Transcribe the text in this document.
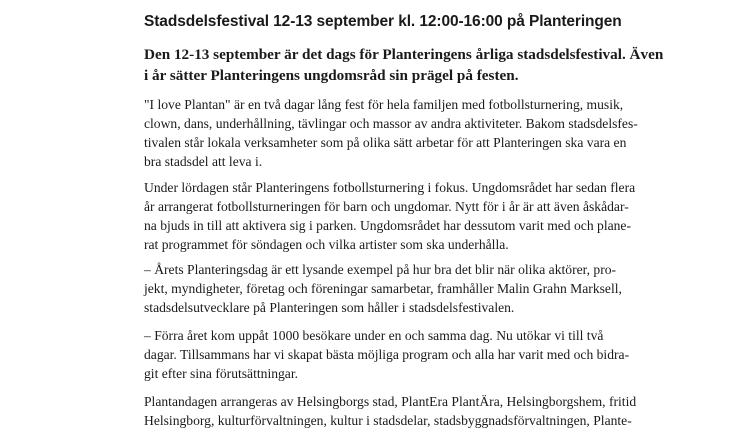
Stadsdelsfestival 12-13 september kl. 12:00-16:00 på Planteringen

Den 12-13 september är det dags för Planteringens årliga stadsdelsfestival. Även
i år sätter Planteringens ungdomsråd sin prägel på festen.

"I love Plantan" är en två dagar lång fest för hela familjen med fotbollsturnering, musik,
clown, dans, underhållning, tävlingar och massor av andra aktiviteter. Bakom stadsdelsfes-
tivalen står lokala verksamheter som på olika sätt arbetar för att Planteringen ska vara en
bra stadsdel att leva i.

Under lördagen står Planteringens fotbollsturnering i fokus. Ungdomsrådet har sedan flera
år arrangerat fotbollsturneringen för barn och ungdomar. Nytt för i år är att även åskådar-
na bjuds in till att aktivera sig i parken. Ungdomsrådet har dessutom varit med och plane-
rat programmet för söndagen och vilka artister som ska underhålla.

– Årets Planteringsdag är ett lysande exempel på hur bra det blir när olika aktörer, pro-
jekt, myndigheter, företag och föreningar samarbetar, framhåller Malin Grahn Marksell,
stadsdelsutvecklare på Planteringen som håller i stadsdelsfestivalen.

– Förra året kom uppåt 1000 besökare under en och samma dag. Nu utökar vi till två
dagar. Tillsammans har vi skapat bästa möjliga program och alla har varit med och bidra-
git efter sina förutsättningar.

Plantandagen arrangeras av Helsingborgs stad, PlantEra PlantÄra, Helsingborgshem, fritid
Helsingborg, kulturförvaltningen, kultur i stadsdelar, stadsbyggnadsförvaltningen, Plante-
